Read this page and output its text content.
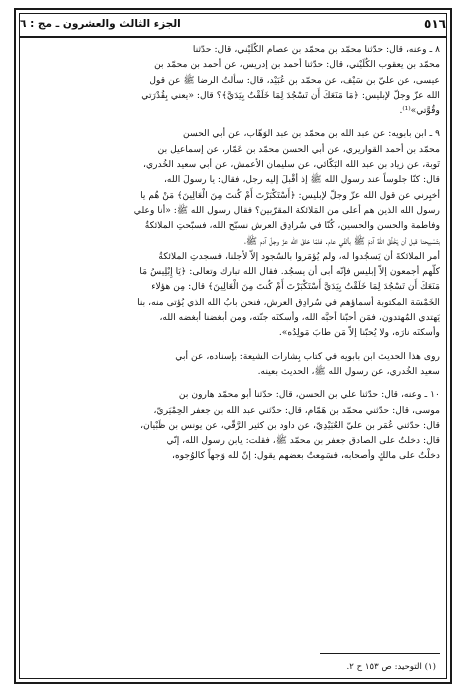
٥١٦
الجزء الثالث والعشرون ـ مج : ٦
٨ ـ وعنه، قال: حدّثنا محمّد بن محمّد بن عصام الكُلَيْني، قال: حدّثنا
محمّد بن يعقوب الكُلَيْني، قال: حدّثنا أحمد بن إدريس، عن أحمد بن محمّد بن
عيسى، عن عليّ بن سَيْف، عن محمّد بن عُبَيْد، قال: سألتُ الرضا ﷺ عن قول
الله عزّ وجلّ لإبليس: ﴿مَا مَنَعَكَ أَن تَسْجُدَ لِمَا خَلَقْتُ بِيَدَيَّ﴾؟ قال: «يعني بِقُدْرَتي
وقُوَّتي»⁽¹⁾.
٩ ـ ابن بابويه: عن عبد الله بن محمّد بن عبد الوَهّاب، عن أبي الحسن
محمّد بن أحمد القواريري، عن أبي الحسن محمّد بن عَمّار، عن إسماعيل بن
تَوبة، عن زياد بن عبد الله البَكّائي، عن سليمان الأعمش، عن أبي سعيد الخُدري،
قال: كنّا جلوساً عند رسول الله ﷺ إذ أقْبلَ إليه رجل، فقال: يا رسولَ الله،
أخبِرني عن قول الله عزّ وجلّ لإبليس: ﴿أَسْتَكْبَرْتَ أَمْ كُنتَ مِنَ الْعَالِينَ﴾ مَنْ هُم يا
رسول الله الذين هم أعلى من المَلائكة المقرّبين؟ فقال رسول الله ﷺ: «أنا وعلي
وفاطمة والحسن والحسين، كُنّا في سُرادِق العرش نسبّح الله، فسبّحتِ الملائكةُ
بتَسْبيحنا قبل أن يَخْلُقَ اللهُ آدمَ ﷺ بألفَي عام. فلمّا خلقَ الله عزّ وجلّ آدم ﷺ،
أمر الملائكةَ أن يَسجُدوا له، ولم يُؤمَروا بالسُجود إلاّ لأجلنا، فسجدتِ الملائكةُ
كلّهم أجمعون إلاّ إبليس فإنّه أبى أن يسجُد. فقال الله تبارك وتعالى: ﴿يَا إِبْلِيسُ مَا
مَنَعَكَ أَن تَسْجُدَ لِمَا خَلَقْتُ بِيَدَيَّ أَسْتَكْبَرْتَ أَمْ كُنتَ مِنَ الْعَالِينَ﴾ قال: مِن هؤلاء
الخَمْسَة المكتوبة أسماؤهم في سُرادِق العرش، فنحن بابُ الله الذي يُؤتى منه، بنا
يَهتدي المُهتدون، فمَن أحبّنا أحبَّه الله، وأسكنَه جنّته، ومن أبغضنا أبغضه الله،
وأسكنَه نارَه، ولا يُحبّنا إلاّ مَن طابَ مَولِدُه».
روى هذا الحديث ابن بابويه في كتاب بِشارات الشيعة: بإسناده، عن أبي
سعيد الخُدري، عن رسول الله ﷺ، الحديث بعينه.
١٠ ـ وعنه، قال: حدّثنا علي بن الحسن، قال: حدّثنا أبو محمّد هارون بن
موسى، قال: حدّثني محمّد بن هَمّام، قال: حدّثني عبد الله بن جعفر الحِمْيَريّ،
قال: حدّثني عُمَر بن عليّ العُبَيْدِيّ، عن داود بن كثير الرَّقّي، عن يونس بن ظَبْيان،
قال: دخلتُ على الصادق جعفر بن محمّد ﷺ، فقلت: يابن رسول الله، إنّي
دخلْتُ على مالكٍ وأصحابه، فسَمِعتُ بعضهم يقول: إنّ لله وَجهاً كالوُجوه،
(١) التوحيد: ص ١٥٣ ح ٢.
